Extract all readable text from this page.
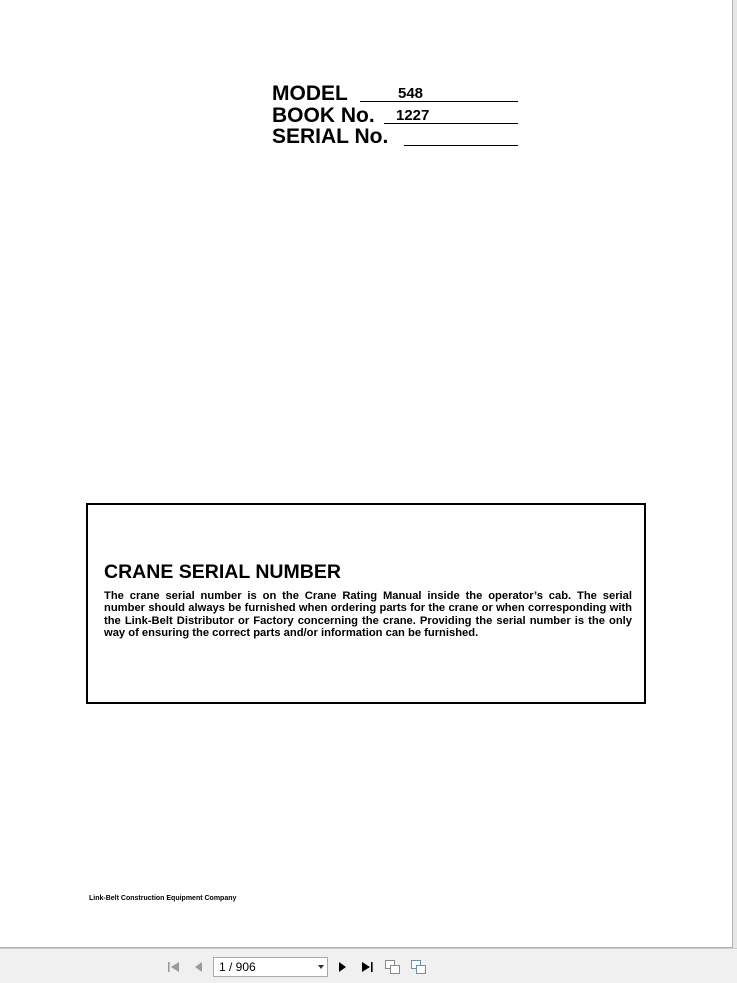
MODEL	548
BOOK No.	1227
SERIAL No.
CRANE SERIAL NUMBER
The crane serial number is on the Crane Rating Manual inside the operator’s cab. The serial number should always be furnished when ordering parts for the crane or when corresponding with the Link-Belt Distributor or Factory concerning the crane. Providing the serial number is the only way of ensuring the correct parts and/or information can be furnished.
Link-Belt Construction Equipment Company
1 / 906
